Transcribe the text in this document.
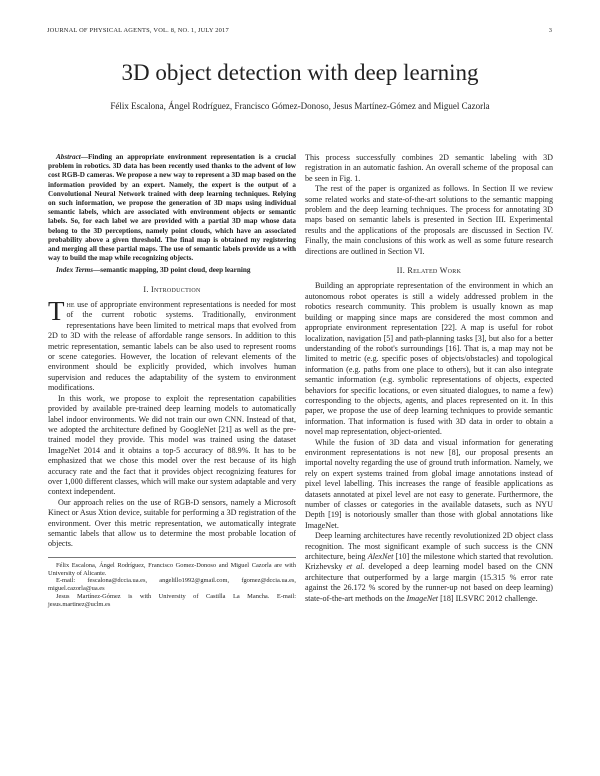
JOURNAL OF PHYSICAL AGENTS, VOL. 8, NO. 1, JULY 2017	3
3D object detection with deep learning
Félix Escalona, Ángel Rodríguez, Francisco Gómez-Donoso, Jesus Martínez-Gómez and Miguel Cazorla
Abstract—Finding an appropriate environment representation is a crucial problem in robotics. 3D data has been recently used thanks to the advent of low cost RGB-D cameras. We propose a new way to represent a 3D map based on the information provided by an expert. Namely, the expert is the output of a Convolutional Neural Network trained with deep learning techniques. Relying on such information, we propose the generation of 3D maps using individual semantic labels, which are associated with environment objects or semantic labels. So, for each label we are provided with a partial 3D map whose data belong to the 3D perceptions, namely point clouds, which have an associated probability above a given threshold. The final map is obtained my registering and merging all these partial maps. The use of semantic labels provide us a with way to build the map while recognizing objects.
Index Terms—semantic mapping, 3D point cloud, deep learning
I. Introduction

The use of appropriate environment representations is needed for most of the current robotic systems. Traditionally, environment representations have been limited to metrical maps that evolved from 2D to 3D with the release of affordable range sensors. In addition to this metric representation, semantic labels can be also used to represent rooms or scene categories. However, the location of relevant elements of the environment should be explicitly provided, which involves human supervision and reduces the adaptability of the system to environment modifications.

In this work, we propose to exploit the representation capabilities provided by available pre-trained deep learning models to automatically label indoor environments. We did not train our own CNN. Instead of that, we adopted the architecture defined by GoogleNet [21] as well as the pre-trained model they provide. This model was trained using the dataset ImageNet 2014 and it obtains a top-5 accuracy of 88.9%. It has to be emphasized that we chose this model over the rest because of its high accuracy rate and the fact that it provides object recognizing features for over 1,000 different classes, which will make our system adaptable and very context independent.

Our approach relies on the use of RGB-D sensors, namely a Microsoft Kinect or Asus Xtion device, suitable for performing a 3D registration of the environment. Over this metric representation, we automatically integrate semantic labels that allow us to determine the most probable location of objects.

Félix Escalona, Ángel Rodríguez, Francisco Gomez-Donoso and Miguel Cazorla are with University of Alicante.

E-mail: fescalona@dccia.ua.es, angelillo1992@gmail.com, fgomez@dccia.ua.es, miguel.cazorla@ua.es

Jesus Martínez-Gómez is with University of Castilla La Mancha. E-mail: jesus.martinez@uclm.es

This process successfully combines 2D semantic labeling with 3D registration in an automatic fashion. An overall scheme of the proposal can be seen in Fig. 1.

The rest of the paper is organized as follows. In Section II we review some related works and state-of-the-art solutions to the semantic mapping problem and the deep learning techniques. The process for annotating 3D maps based on semantic labels is presented in Section III. Experimental results and the applications of the proposals are discussed in Section IV. Finally, the main conclusions of this work as well as some future research directions are outlined in Section VI.

II. Related Work

Building an appropriate representation of the environment in which an autonomous robot operates is still a widely addressed problem in the robotics research community. This problem is usually known as map building or mapping since maps are considered the most common and appropriate environment representation [22]. A map is useful for robot localization, navigation [5] and path-planning tasks [3], but also for a better understanding of the robot's surroundings [16]. That is, a map may not be limited to metric (e.g. specific poses of objects/obstacles) and topological information (e.g. paths from one place to others), but it can also integrate semantic information (e.g. symbolic representations of objects, expected behaviors for specific locations, or even situated dialogues, to name a few) corresponding to the objects, agents, and places represented on it. In this paper, we propose the use of deep learning techniques to provide semantic information. That information is fused with 3D data in order to obtain a novel map representation, object-oriented.

While the fusion of 3D data and visual information for generating environment representations is not new [8], our proposal presents an importal novelty regarding the use of ground truth information. Namely, we rely on expert systems trained from global image annotations instead of pixel level labelling. This increases the range of feasible applications as datasets annotated at pixel level are not easy to generate. Furthermore, the number of classes or categories in the available datasets, such as NYU Depth [19] is notoriously smaller than those with global annotations like ImageNet.

Deep learning architectures have recently revolutionized 2D object class recognition. The most significant example of such success is the CNN architecture, being AlexNet [10] the milestone which started that revolution. Krizhevsky et al. developed a deep learning model based on the CNN architecture that outperformed by a large margin (15.315 % error rate against the 26.172 % scored by the runner-up not based on deep learning) state-of-the-art methods on the ImageNet [18] ILSVRC 2012 challenge.
